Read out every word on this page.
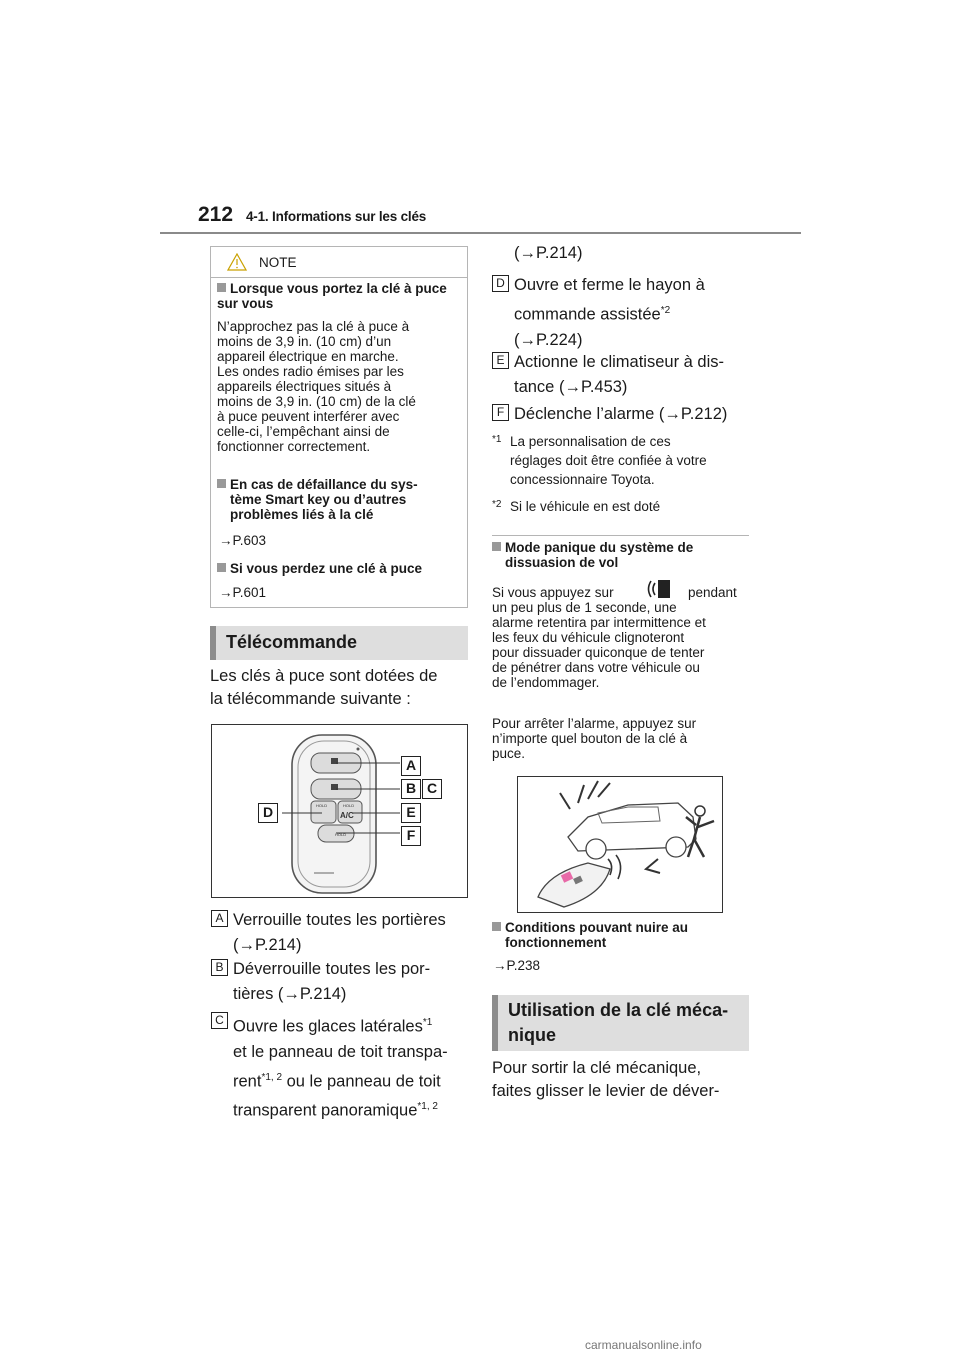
212 4-1. Informations sur les clés
NOTE
Lorsque vous portez la clé à puce sur vous
N’approchez pas la clé à puce à
moins de 3,9 in. (10 cm) d’un
appareil électrique en marche.
Les ondes radio émises par les
appareils électriques situés à
moins de 3,9 in. (10 cm) de la clé
à puce peuvent interférer avec
celle-ci, l’empêchant ainsi de
fonctionner correctement.
En cas de défaillance du sys-
tème Smart key ou d’autres
problèmes liés à la clé
→P.603
Si vous perdez une clé à puce
→P.601
Télécommande
Les clés à puce sont dotées de
la télécommande suivante :
HOLD	HOLD
A/C
HOLD
A
B C
D	E
F
A Verrouille toutes les portières
(→P.214)
B Déverrouille toutes les por-
tières (→P.214)
C Ouvre les glaces latérales$^{*1}$
et le panneau de toit transpa-
rent$^{*1, 2}$ ou le panneau de toit
transparent panoramique$^{*1, 2}$
(→P.214)
D Ouvre et ferme le hayon à
commande assistée$^{*2}$
(→P.224)
E Actionne le climatiseur à dis-
tance (→P.453)
F Déclenche l’alarme (→P.212)
*1 La personnalisation de ces
réglages doit être confiée à votre
concessionnaire Toyota.
*2 Si le véhicule en est doté
Mode panique du système de
dissuasion de vol
Si vous appuyez sur	pendant
un peu plus de 1 seconde, une
alarme retentira par intermittence et
les feux du véhicule clignoteront
pour dissuader quiconque de tenter
de pénétrer dans votre véhicule ou
de l’endommager.
Pour arrêter l’alarme, appuyez sur
n’importe quel bouton de la clé à
puce.
Conditions pouvant nuire au
fonctionnement
→P.238
Utilisation de la clé méca-
nique
Pour sortir la clé mécanique,
faites glisser le levier de déver-
carmanualsonline.info
